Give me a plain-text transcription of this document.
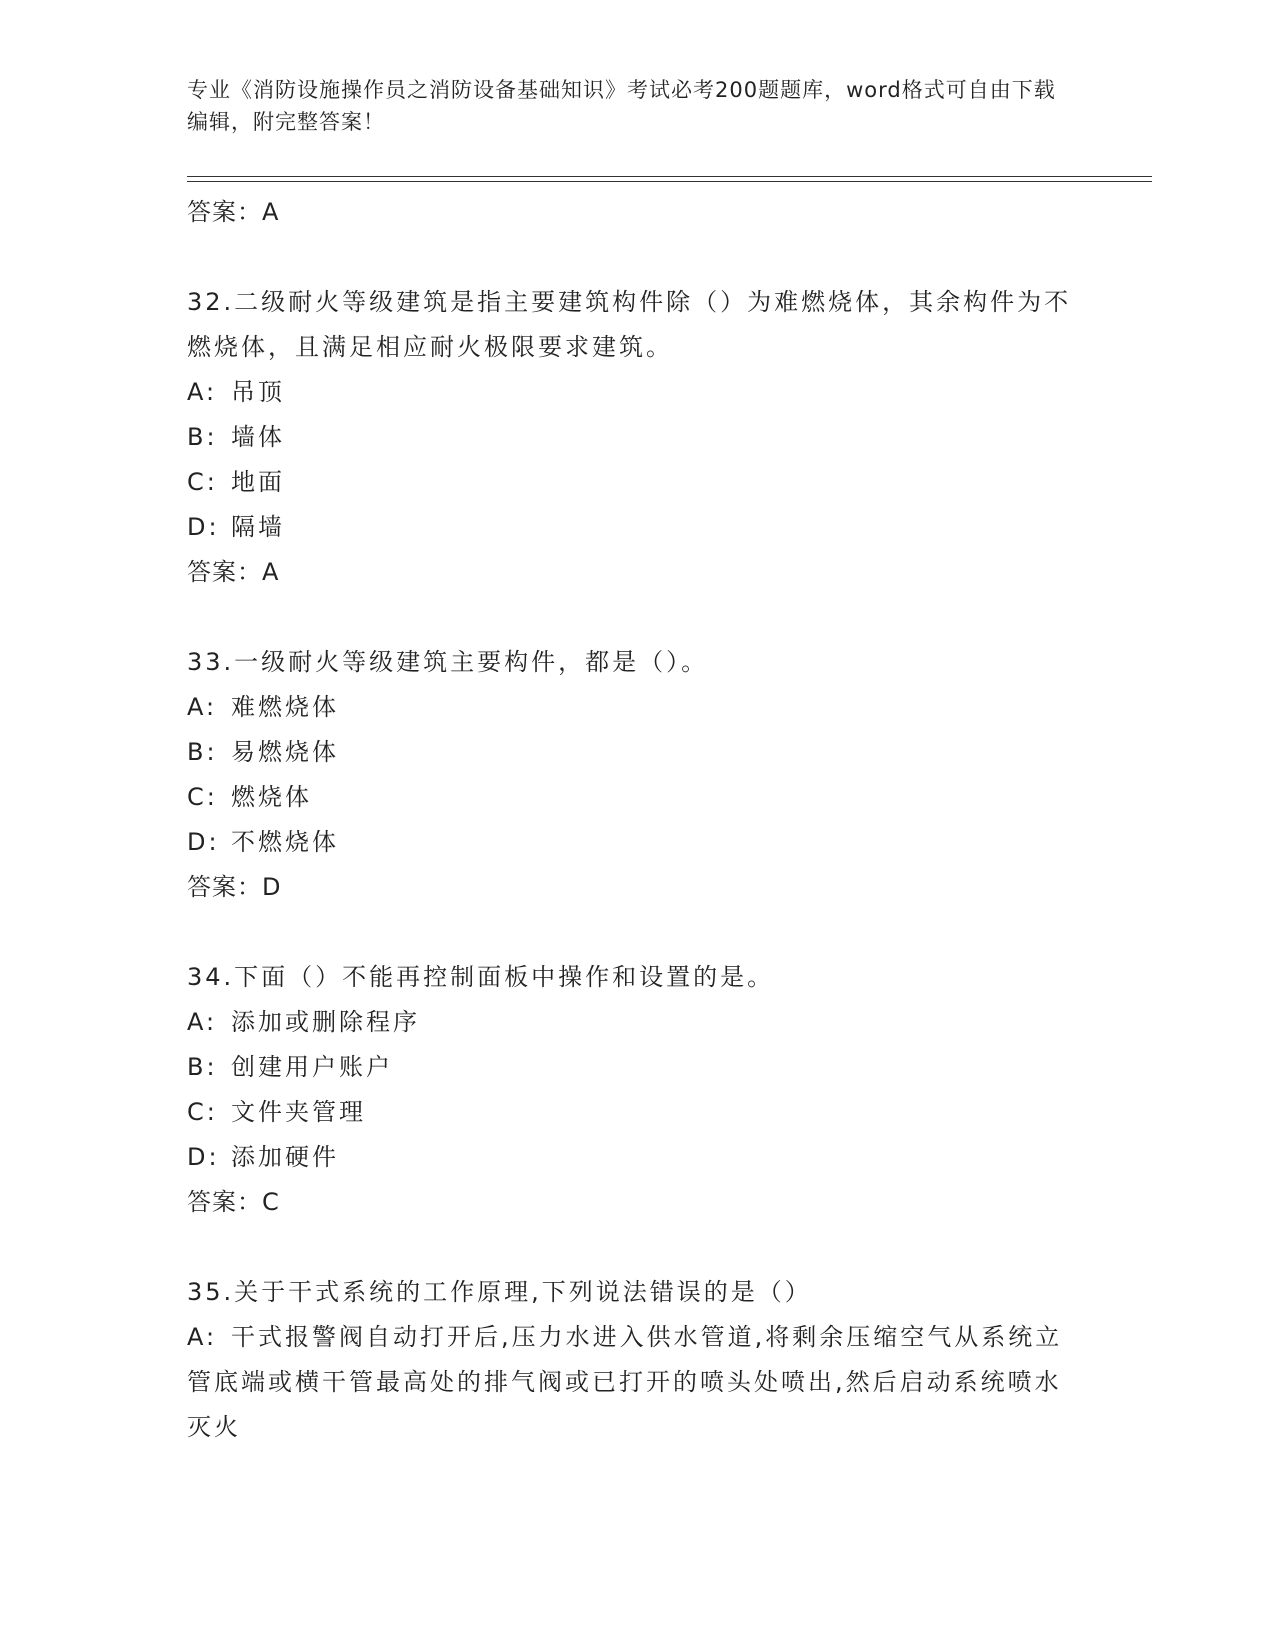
专业《消防设施操作员之消防设备基础知识》考试必考200题题库，word格式可自由下载编辑，附完整答案！
答案：A
32.二级耐火等级建筑是指主要建筑构件除（）为难燃烧体，其余构件为不燃烧体，且满足相应耐火极限要求建筑。
A: 吊顶
B: 墙体
C: 地面
D: 隔墙
答案：A
33.一级耐火等级建筑主要构件，都是（）。
A: 难燃烧体
B: 易燃烧体
C: 燃烧体
D: 不燃烧体
答案：D
34.下面（）不能再控制面板中操作和设置的是。
A: 添加或删除程序
B: 创建用户账户
C: 文件夹管理
D: 添加硬件
答案：C
35.关于干式系统的工作原理,下列说法错误的是（）
A: 干式报警阀自动打开后,压力水进入供水管道,将剩余压缩空气从系统立管底端或横干管最高处的排气阀或已打开的喷头处喷出,然后启动系统喷水灭火
